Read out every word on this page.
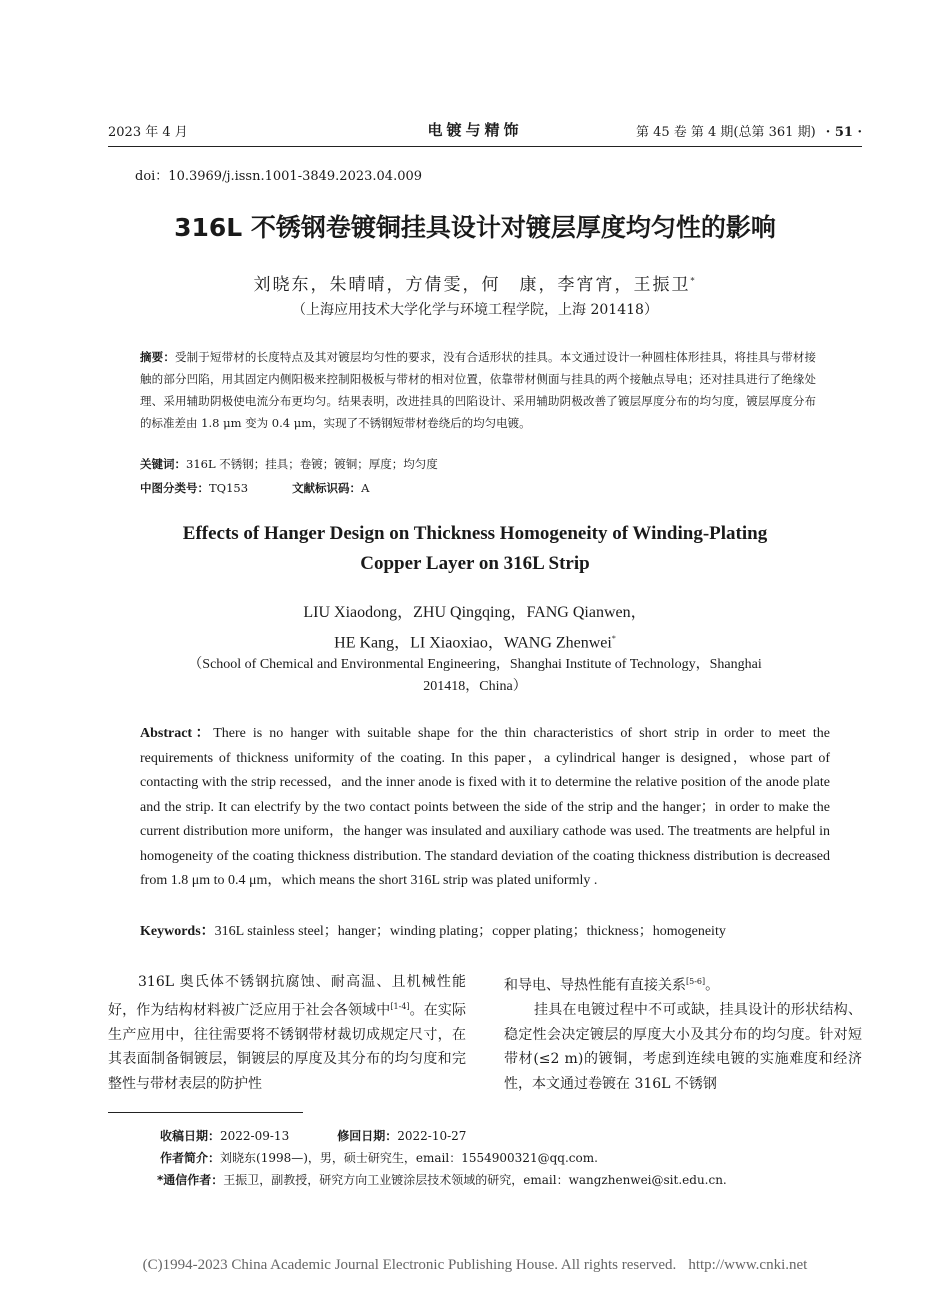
2023 年 4 月	电镀与精饰	第 45 卷 第 4 期(总第 361 期) · 51 ·
doi：10.3969/j.issn.1001-3849.2023.04.009
316L 不锈钢卷镀铜挂具设计对镀层厚度均匀性的影响
刘晓东，朱晴晴，方倩雯，何　康，李宵宵，王振卫*
（上海应用技术大学化学与环境工程学院，上海 201418）
摘要：受制于短带材的长度特点及其对镀层均匀性的要求，没有合适形状的挂具。本文通过设计一种圆柱体形挂具，将挂具与带材接触的部分凹陷，用其固定内侧阳极来控制阳极板与带材的相对位置，依靠带材侧面与挂具的两个接触点导电；还对挂具进行了绝缘处理、采用辅助阴极使电流分布更均匀。结果表明，改进挂具的凹陷设计、采用辅助阴极改善了镀层厚度分布的均匀度，镀层厚度分布的标准差由 1.8 μm 变为 0.4 μm，实现了不锈钢短带材卷绕后的均匀电镀。
关键词：316L 不锈钢；挂具；卷镀；镀铜；厚度；均匀度
中图分类号：TQ153	文献标识码：A
Effects of Hanger Design on Thickness Homogeneity of Winding-Plating
Copper Layer on 316L Strip
LIU Xiaodong，ZHU Qingqing，FANG Qianwen，
HE Kang，LI Xiaoxiao，WANG Zhenwei*
（School of Chemical and Environmental Engineering，Shanghai Institute of Technology，Shanghai
201418，China）
Abstract：There is no hanger with suitable shape for the thin characteristics of short strip in order to meet the requirements of thickness uniformity of the coating. In this paper，a cylindrical hanger is designed，whose part of contacting with the strip recessed，and the inner anode is fixed with it to determine the relative position of the anode plate and the strip. It can electrify by the two contact points between the side of the strip and the hanger；in order to make the current distribution more uniform，the hanger was insulated and auxiliary cathode was used. The treatments are helpful in homogeneity of the coating thickness distribution. The standard deviation of the coating thickness distribution is decreased from 1.8 μm to 0.4 μm，which means the short 316L strip was plated uniformly .
Keywords：316L stainless steel；hanger；winding plating；copper plating；thickness；homogeneity
316L 奥氏体不锈钢抗腐蚀、耐高温、且机械性能好，作为结构材料被广泛应用于社会各领域中[1-4]。在实际生产应用中，往往需要将不锈钢带材裁切成规定尺寸，在其表面制备铜镀层，铜镀层的厚度及其分布的均匀度和完整性与带材表层的防护性

和导电、导热性能有直接关系[5-6]。

挂具在电镀过程中不可或缺，挂具设计的形状结构、稳定性会决定镀层的厚度大小及其分布的均匀度。针对短带材(≤2 m)的镀铜，考虑到连续电镀的实施难度和经济性，本文通过卷镀在 316L 不锈钢

收稿日期：2022-09-13	修回日期：2022-10-27
作者简介：刘晓东(1998—)，男，硕士研究生，email：1554900321@qq.com.
*通信作者：王振卫，副教授，研究方向工业镀涂层技术领域的研究，email：wangzhenwei@sit.edu.cn.
(C)1994-2023 China Academic Journal Electronic Publishing House. All rights reserved. http://www.cnki.net
